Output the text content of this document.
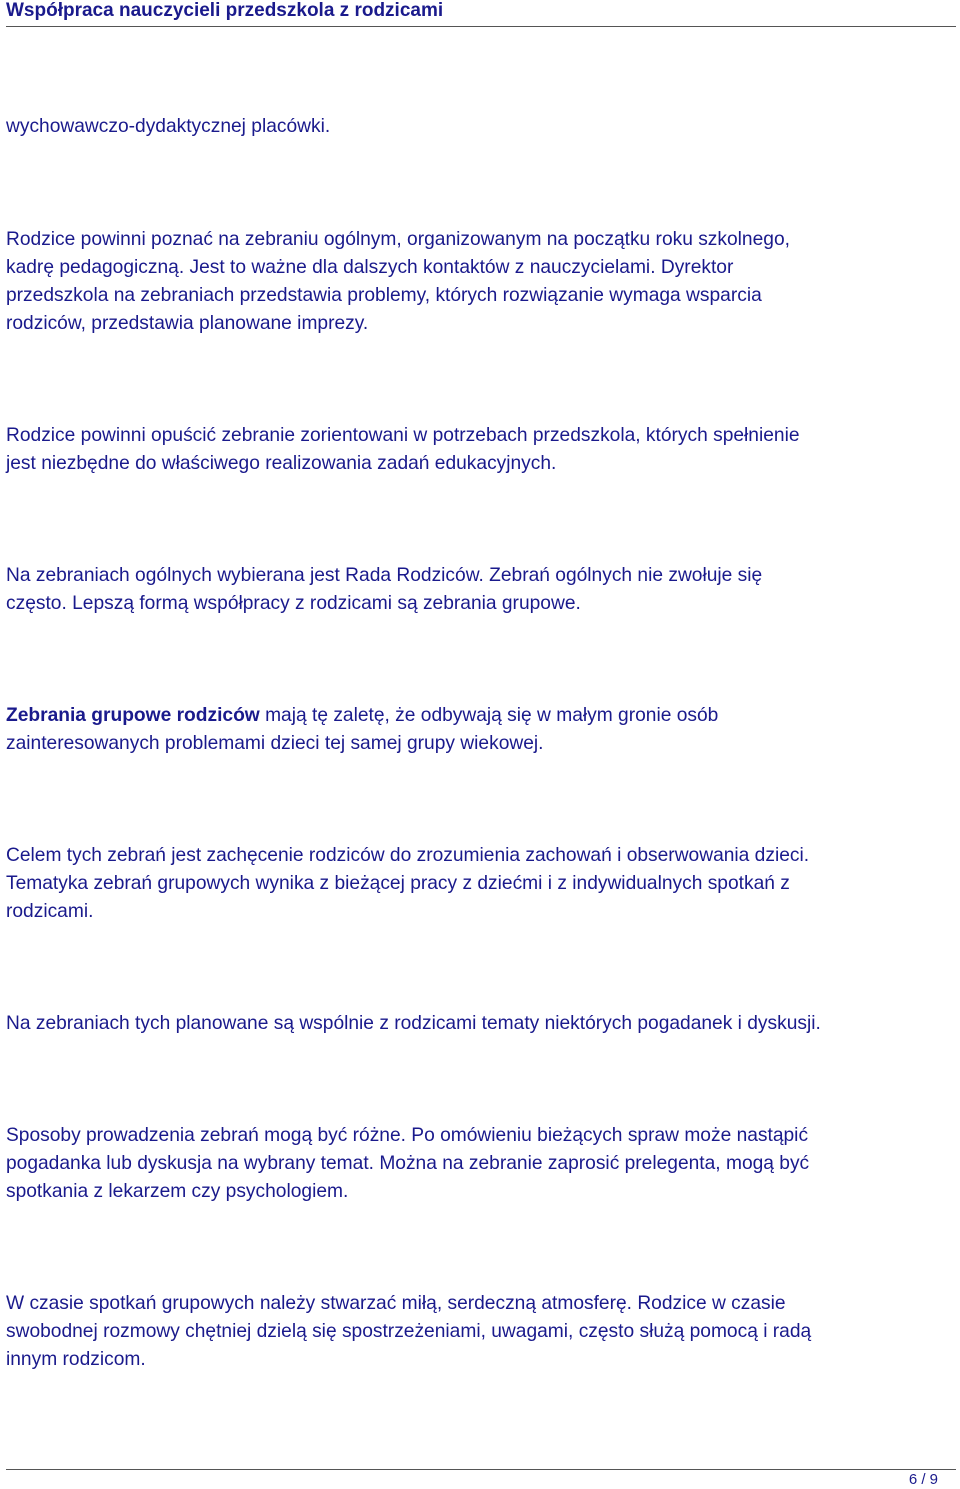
Współpraca nauczycieli przedszkola z rodzicami

wychowawczo-dydaktycznej placówki.

Rodzice powinni poznać na zebraniu ogólnym, organizowanym na początku roku szkolnego,
kadrę pedagogiczną. Jest to ważne dla dalszych kontaktów z nauczycielami. Dyrektor
przedszkola na zebraniach przedstawia problemy, których rozwiązanie wymaga wsparcia
rodziców, przedstawia planowane imprezy.

Rodzice powinni opuścić zebranie zorientowani w potrzebach przedszkola, których spełnienie
jest niezbędne do właściwego realizowania zadań edukacyjnych.

Na zebraniach ogólnych wybierana jest Rada Rodziców. Zebrań ogólnych nie zwołuje się
często. Lepszą formą współpracy z rodzicami są zebrania grupowe.

Zebrania grupowe rodziców mają tę zaletę, że odbywają się w małym gronie osób
zainteresowanych problemami dzieci tej samej grupy wiekowej.

Celem tych zebrań jest zachęcenie rodziców do zrozumienia zachowań i obserwowania dzieci.
Tematyka zebrań grupowych wynika z bieżącej pracy z dziećmi i z indywidualnych spotkań z
rodzicami.

Na zebraniach tych planowane są wspólnie z rodzicami tematy niektórych pogadanek i dyskusji.

Sposoby prowadzenia zebrań mogą być różne. Po omówieniu bieżących spraw może nastąpić
pogadanka lub dyskusja na wybrany temat. Można na zebranie zaprosić prelegenta, mogą być
spotkania z lekarzem czy psychologiem.

W czasie spotkań grupowych należy stwarzać miłą, serdeczną atmosferę. Rodzice w czasie
swobodnej rozmowy chętniej dzielą się spostrzeżeniami, uwagami, często służą pomocą i radą
innym rodzicom.

6 / 9
